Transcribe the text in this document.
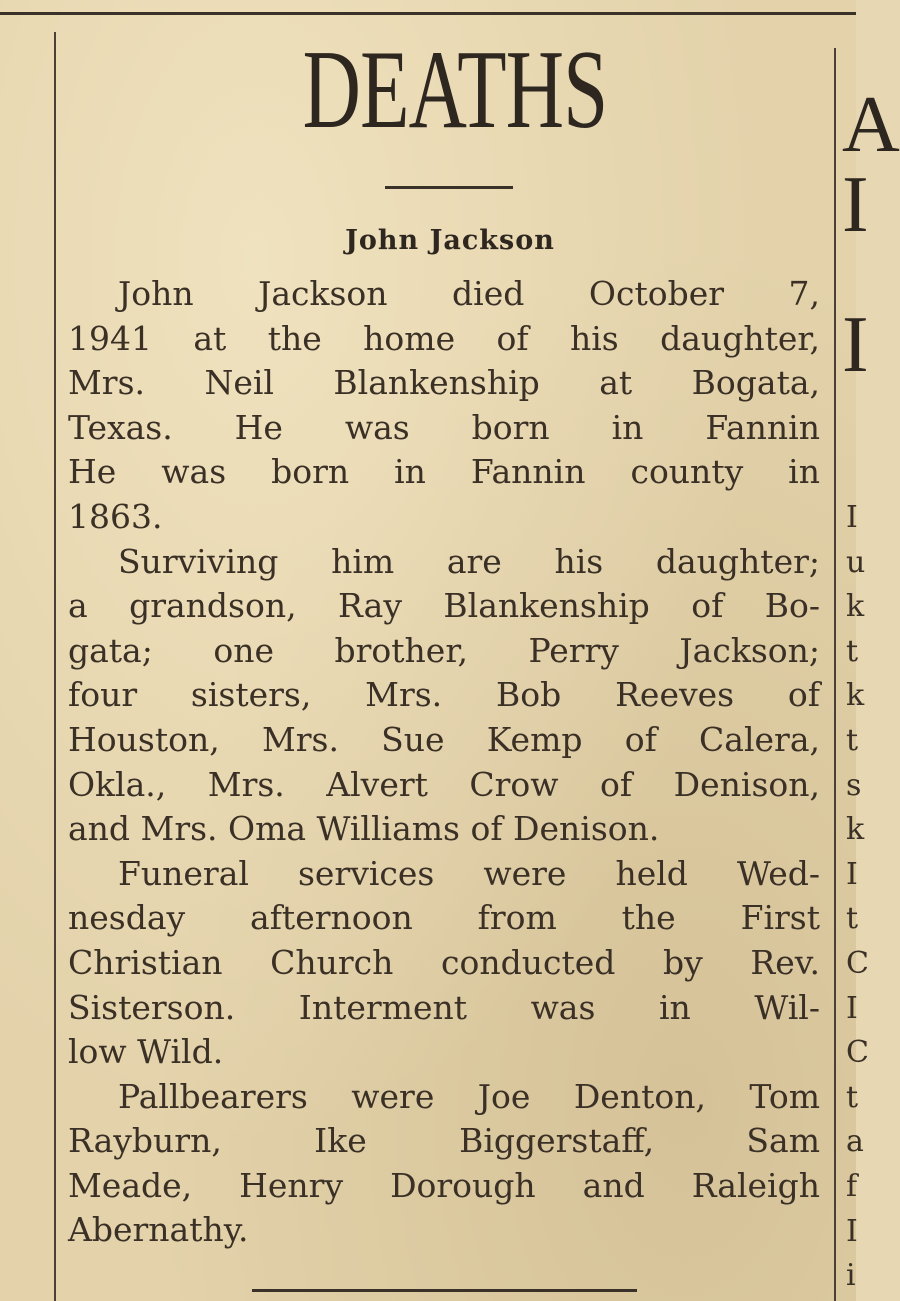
DEATHS
John Jackson

John Jackson died October 7,
1941 at the home of his daughter,
Mrs. Neil Blankenship at Bogata,
Texas. He was born in Fannin
He was born in Fannin county in
1863.

Surviving him are his daughter;
a grandson, Ray Blankenship of Bo-
gata; one brother, Perry Jackson;
four sisters, Mrs. Bob Reeves of
Houston, Mrs. Sue Kemp of Calera,
Okla., Mrs. Alvert Crow of Denison,
and Mrs. Oma Williams of Denison.

Funeral services were held Wed-
nesday afternoon from the First
Christian Church conducted by Rev.
Sisterson. Interment was in Wil-
low Wild.

Pallbearers were Joe Denton, Tom
Rayburn, Ike Biggerstaff, Sam
Meade, Henry Dorough and Raleigh
Abernathy.

A
I
I
I
u
k
t
k
t
s
k
I
t
C
I
C
t
a
f
I
i
